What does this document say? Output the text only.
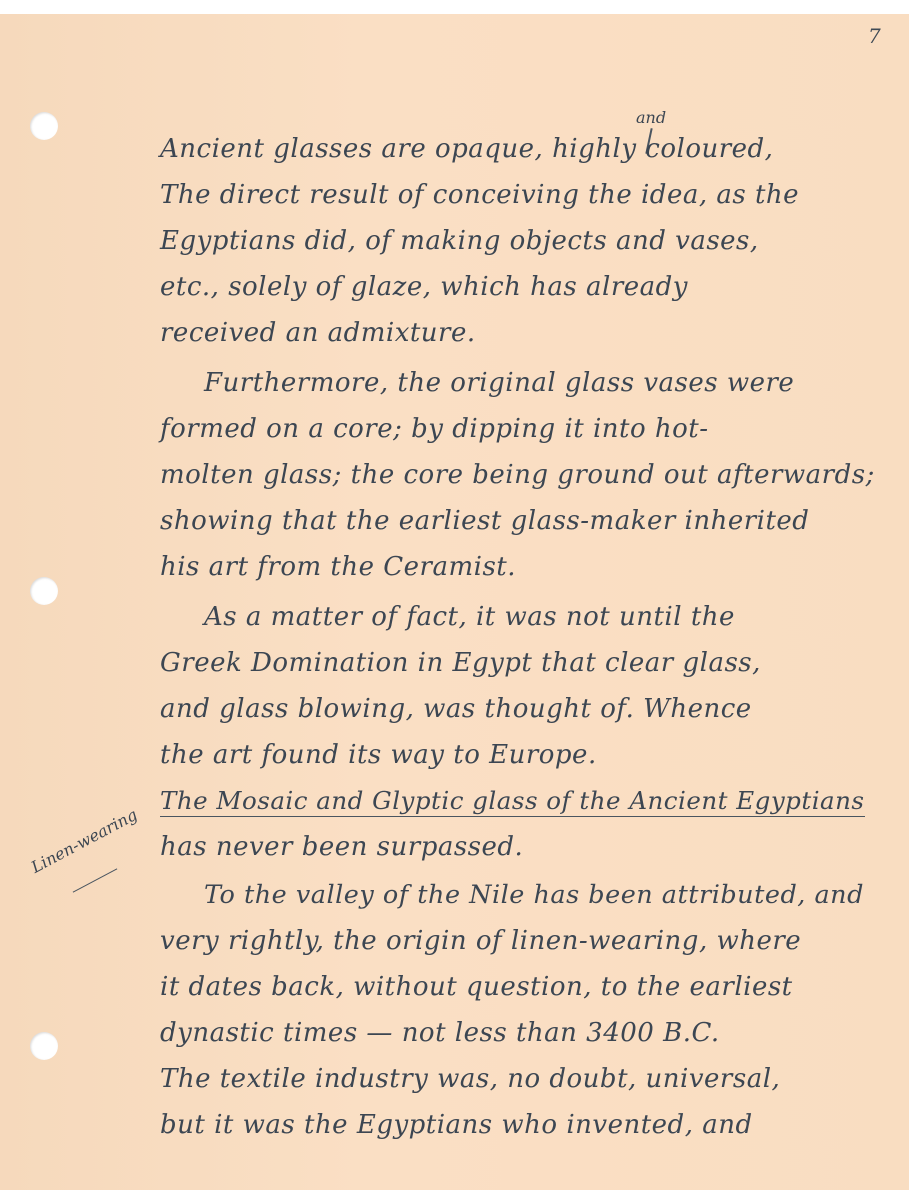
7
and
Linen-wearing
Ancient glasses are opaque, highly coloured,
The direct result of conceiving the idea, as the
Egyptians did, of making objects and vases,
etc., solely of glaze, which has already
received an admixture.
Furthermore, the original glass vases were
formed on a core; by dipping it into hot-
molten glass; the core being ground out afterwards;
showing that the earliest glass-maker inherited
his art from the Ceramist.
As a matter of fact, it was not until the
Greek Domination in Egypt that clear glass,
and glass blowing, was thought of. Whence
the art found its way to Europe.
The Mosaic and Glyptic glass of the Ancient Egyptians
has never been surpassed.
To the valley of the Nile has been attributed, and
very rightly, the origin of linen-wearing, where
it dates back, without question, to the earliest
dynastic times — not less than 3400 B.C.
The textile industry was, no doubt, universal,
but it was the Egyptians who invented, and
